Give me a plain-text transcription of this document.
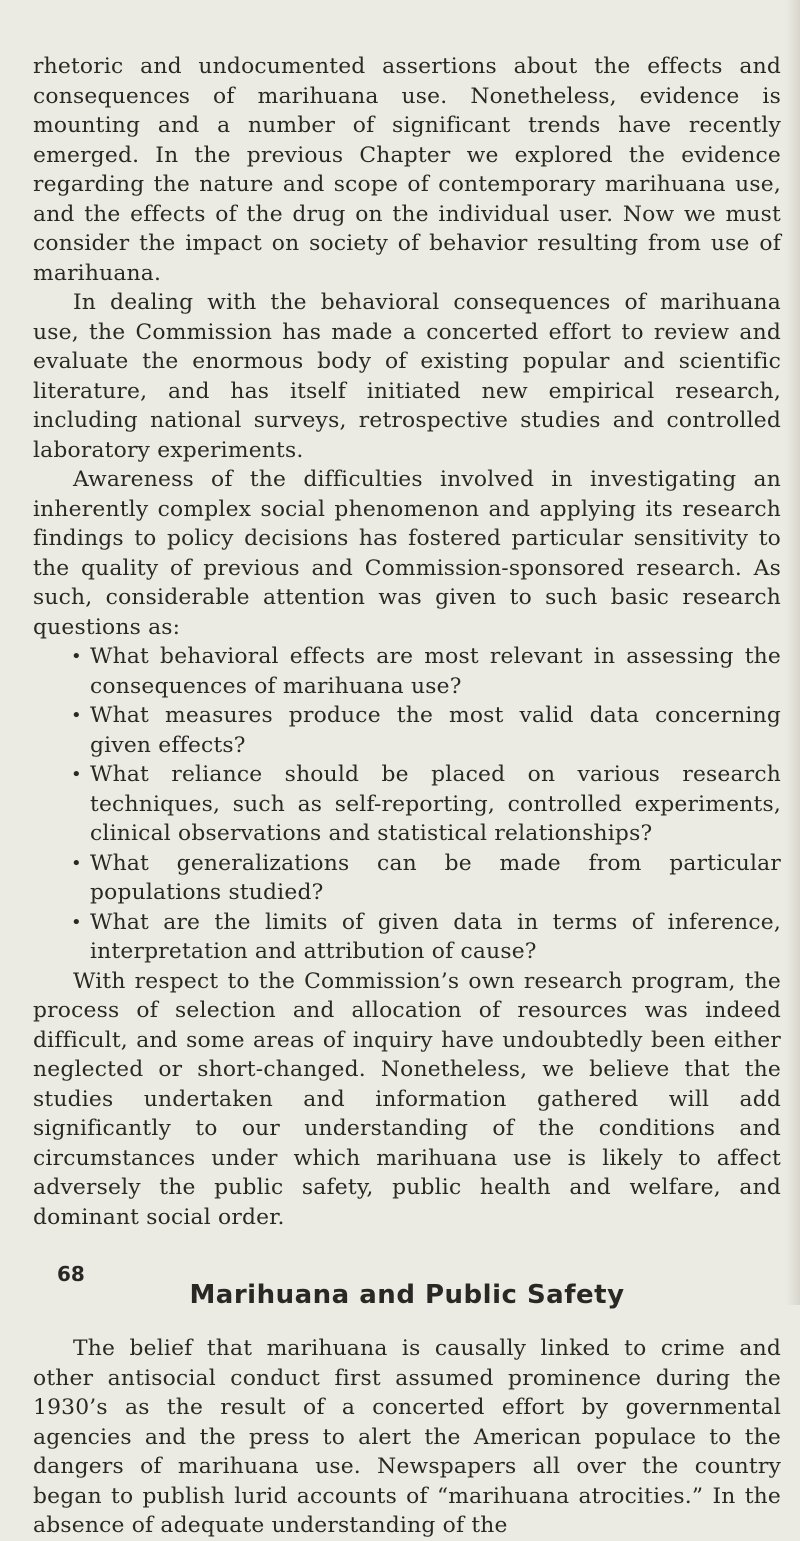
rhetoric and undocumented assertions about the effects and consequences of marihuana use. Nonetheless, evidence is mounting and a number of significant trends have recently emerged. In the previous Chapter we explored the evidence regarding the nature and scope of contemporary marihuana use, and the effects of the drug on the individual user. Now we must consider the impact on society of behavior resulting from use of marihuana.

In dealing with the behavioral consequences of marihuana use, the Commission has made a concerted effort to review and evaluate the enormous body of existing popular and scientific literature, and has itself initiated new empirical research, including national surveys, retrospective studies and controlled laboratory experiments.

Awareness of the difficulties involved in investigating an inherently complex social phenomenon and applying its research findings to policy decisions has fostered particular sensitivity to the quality of previous and Commission-sponsored research. As such, considerable attention was given to such basic research questions as:

• What behavioral effects are most relevant in assessing the consequences of marihuana use?
• What measures produce the most valid data concerning given effects?
• What reliance should be placed on various research techniques, such as self-reporting, controlled experiments, clinical observations and statistical relationships?
• What generalizations can be made from particular populations studied?
• What are the limits of given data in terms of inference, interpretation and attribution of cause?

With respect to the Commission’s own research program, the process of selection and allocation of resources was indeed difficult, and some areas of inquiry have undoubtedly been either neglected or short-changed. Nonetheless, we believe that the studies undertaken and information gathered will add significantly to our understanding of the conditions and circumstances under which marihuana use is likely to affect adversely the public safety, public health and welfare, and dominant social order.

Marihuana and Public Safety

The belief that marihuana is causally linked to crime and other antisocial conduct first assumed prominence during the 1930’s as the result of a concerted effort by governmental agencies and the press to alert the American populace to the dangers of marihuana use. Newspapers all over the country began to publish lurid accounts of “marihuana atrocities.” In the absence of adequate understanding of the

68
